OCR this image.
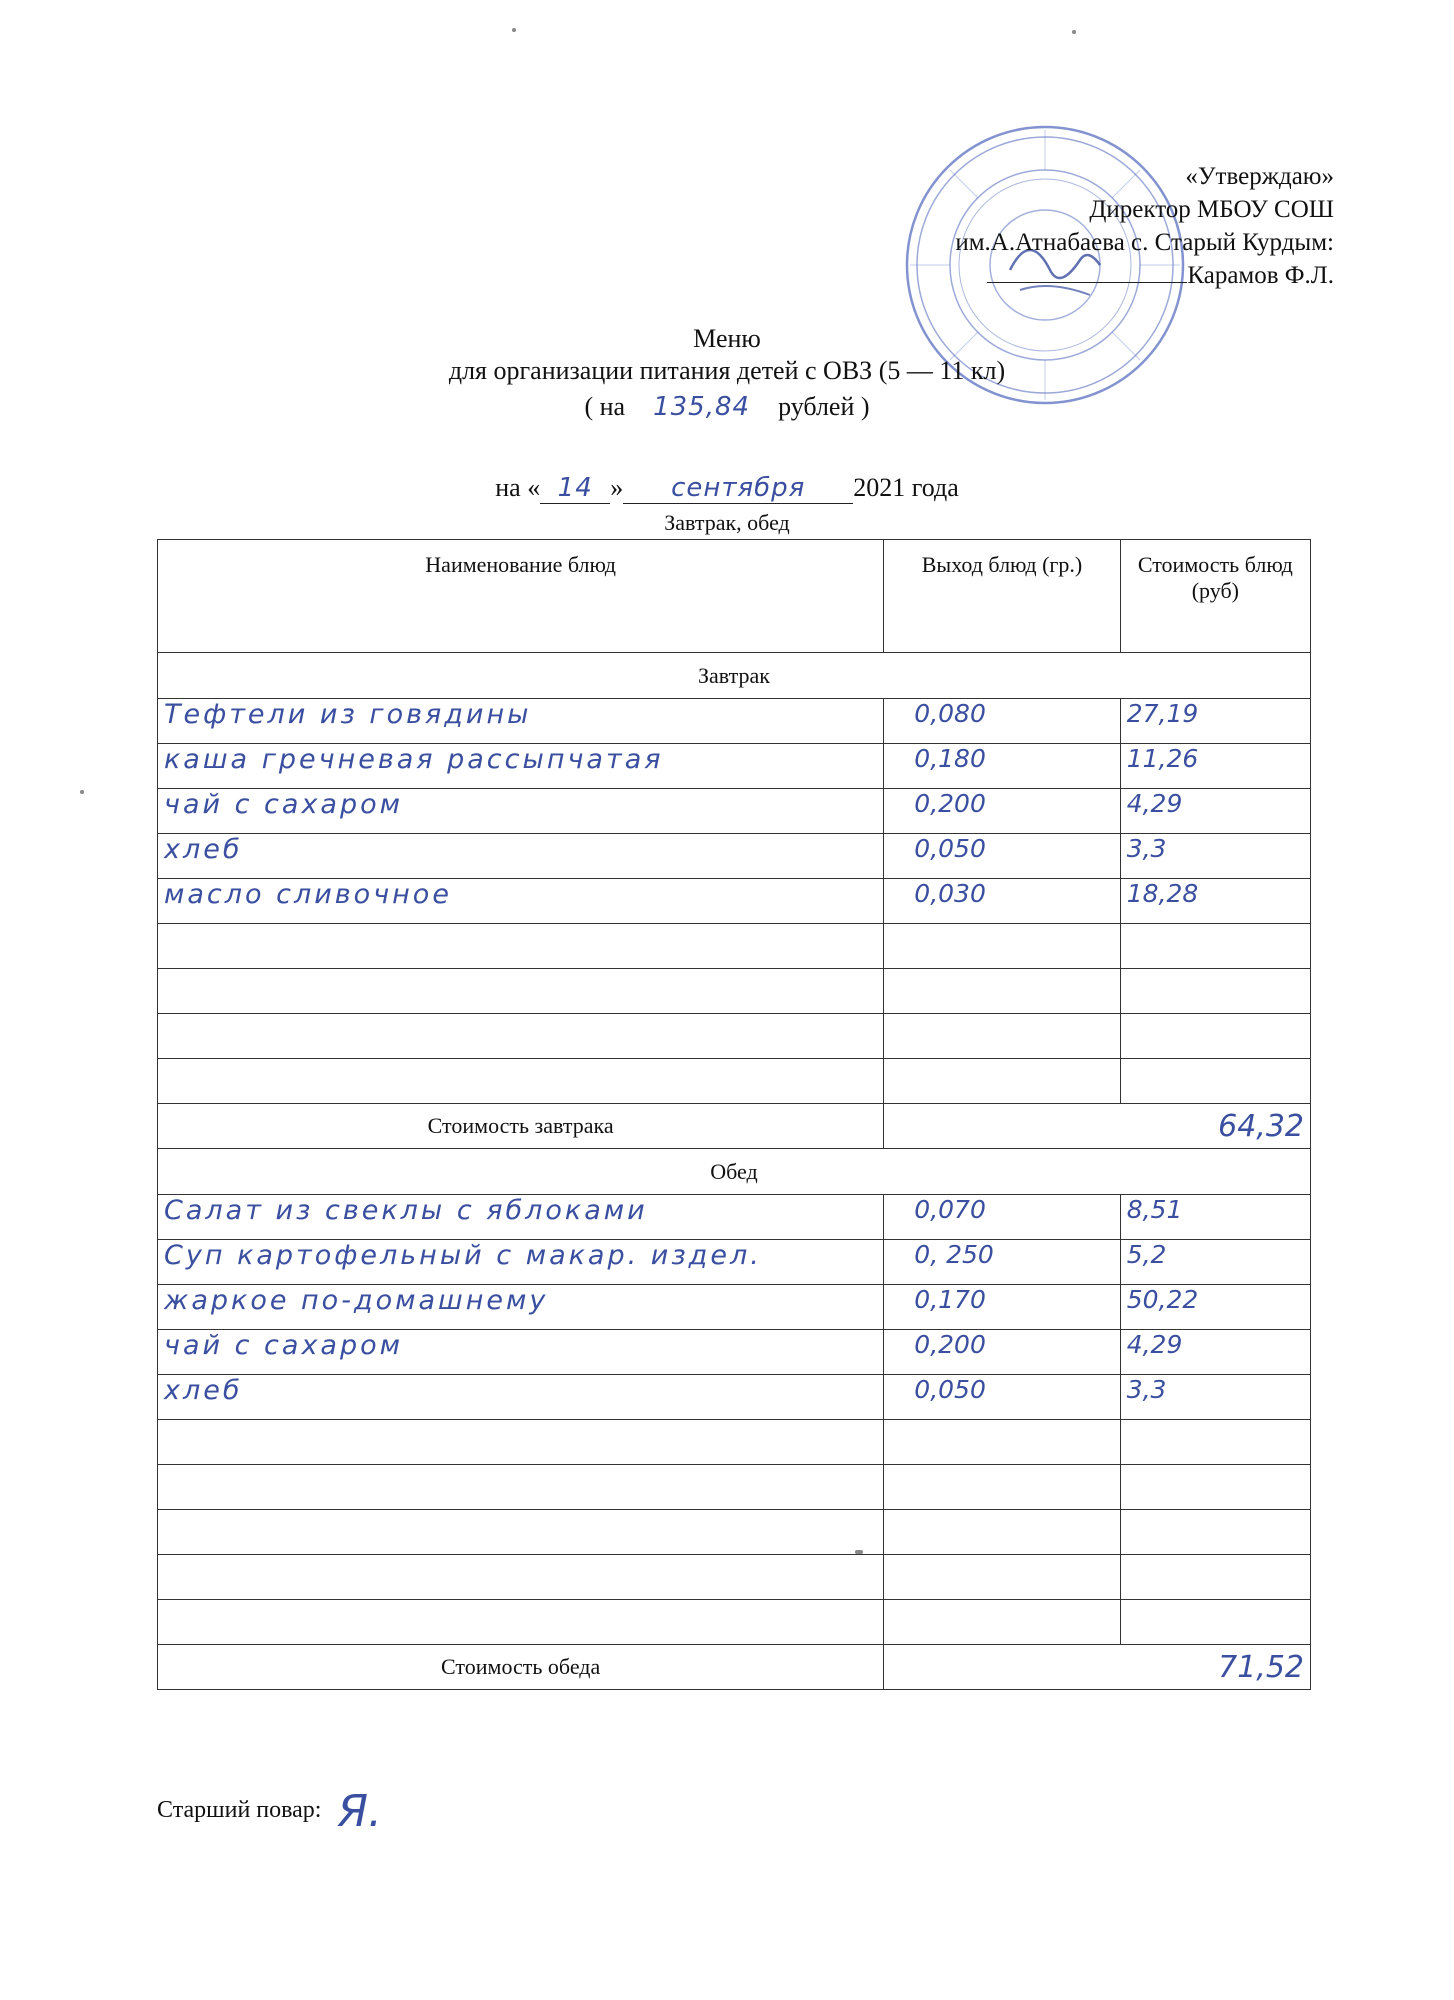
«Утверждаю»
Директор МБОУ СОШ
им.А.Атнабаева с. Старый Курдым:
Карамов Ф.Л.
Меню
для организации питания детей с ОВЗ (5 — 11 кл)
( на 135,84 рублей )
на « 14 » сентября 2021 года
Завтрак, обед
Наименование блюд	Выход блюд (гр.)	Стоимость блюд (руб)
Завтрак		
Тефтели из говядины	0,080	27,19
каша гречневая рассыпчатая	0,180	11,26
чай с сахаром	0,200	4,29
хлеб	0,050	3,3
масло сливочное	0,030	18,28

Стоимость завтрака	64,32	
Обед		
Салат из свеклы с яблоками	0,070	8,51
Суп картофельный с макар. издел.	0, 250	5,2
жаркое по-домашнему	0,170	50,22
чай с сахаром	0,200	4,29
хлеб	0,050	3,3

Стоимость обеда	71,52	
Старший повар: Я.
